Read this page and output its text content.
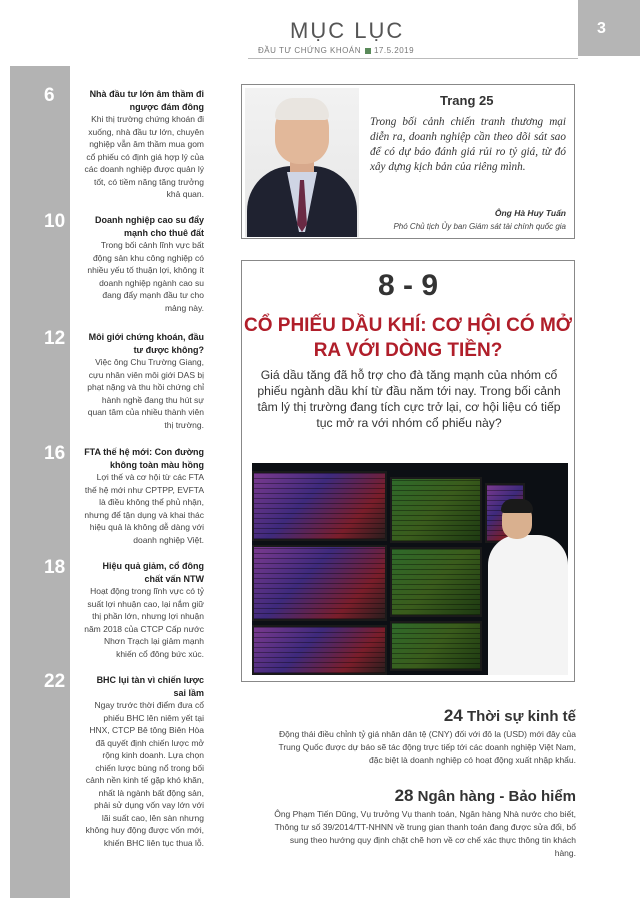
MỤC LỤC
ĐẦU TƯ CHỨNG KHOÁN 17.5.2019
3
6	Nhà đầu tư lớn âm thầm đi ngược đám đông
Khi thị trường chứng khoán đi xuống, nhà đầu tư lớn, chuyên nghiệp vẫn âm thầm mua gom cổ phiếu có định giá hợp lý của các doanh nghiệp được quản lý tốt, có tiềm năng tăng trưởng khả quan.
10	Doanh nghiệp cao su đẩy mạnh cho thuê đất
Trong bối cảnh lĩnh vực bất động sản khu công nghiệp có nhiều yếu tố thuận lợi, không ít doanh nghiệp ngành cao su đang đẩy mạnh đầu tư cho mảng này.
12	Môi giới chứng khoán, đầu tư được không?
Việc ông Chu Trường Giang, cựu nhân viên môi giới DAS bị phạt nặng và thu hồi chứng chỉ hành nghề đang thu hút sự quan tâm của nhiều thành viên thị trường.
16	FTA thế hệ mới: Con đường không toàn màu hồng
Lợi thế và cơ hội từ các FTA thế hệ mới như CPTPP, EVFTA là điều không thể phủ nhận, nhưng để tận dụng và khai thác hiệu quả là không dễ dàng với doanh nghiệp Việt.
18	Hiệu quả giảm, cổ đông chất vấn NTW
Hoạt động trong lĩnh vực có tỷ suất lợi nhuận cao, lại nắm giữ thị phần lớn, nhưng lợi nhuận năm 2018 của CTCP Cấp nước Nhơn Trạch lại giảm mạnh khiến cổ đông bức xúc.
22	BHC lụi tàn vì chiến lược sai lầm
Ngay trước thời điểm đưa cổ phiếu BHC lên niêm yết tại HNX, CTCP Bê tông Biên Hòa đã quyết định chiến lược mở rộng kinh doanh. Lựa chọn chiến lược bùng nổ trong bối cảnh nền kinh tế gặp khó khăn, nhất là ngành bất động sản, phải sử dụng vốn vay lớn với lãi suất cao, lên sàn nhưng không huy động được vốn mới, khiến BHC liên tục thua lỗ.
Trang 25
Trong bối cảnh chiến tranh thương mại diễn ra, doanh nghiệp cần theo dõi sát sao để có dự báo đánh giá rủi ro tỷ giá, từ đó xây dựng kịch bản của riêng mình.
Ông Hà Huy Tuấn
Phó Chủ tịch Ủy ban Giám sát tài chính quốc gia
8 - 9
CỔ PHIẾU DẦU KHÍ: CƠ HỘI CÓ MỞ RA VỚI DÒNG TIỀN?
Giá dầu tăng đã hỗ trợ cho đà tăng mạnh của nhóm cổ phiếu ngành dầu khí từ đầu năm tới nay. Trong bối cảnh tâm lý thị trường đang tích cực trở lại, cơ hội liệu có tiếp tục mở ra với nhóm cổ phiếu này?
24 Thời sự kinh tế
Động thái điều chỉnh tỷ giá nhân dân tệ (CNY) đối với đô la (USD) mới đây của Trung Quốc được dự báo sẽ tác động trực tiếp tới các doanh nghiệp Việt Nam, đặc biệt là doanh nghiệp có hoạt động xuất nhập khẩu.
28 Ngân hàng - Bảo hiểm
Ông Phạm Tiến Dũng, Vụ trưởng Vụ thanh toán, Ngân hàng Nhà nước cho biết, Thông tư số 39/2014/TT-NHNN về trung gian thanh toán đang được sửa đổi, bổ sung theo hướng quy định chặt chẽ hơn về cơ chế xác thực thông tin khách hàng.
